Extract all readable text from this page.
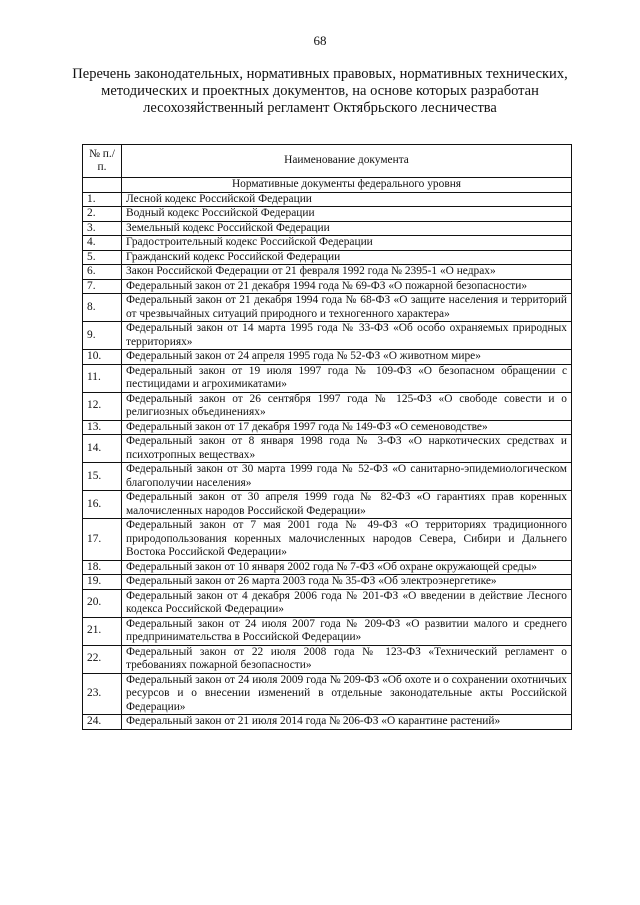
68
Перечень законодательных, нормативных правовых, нормативных технических, методических и проектных документов, на основе которых разработан лесохозяйственный регламент Октябрьского лесничества
№ п./п.	Наименование документа
	Нормативные документы федерального уровня
1.	Лесной кодекс Российской Федерации
2.	Водный кодекс Российской Федерации
3.	Земельный кодекс Российской Федерации
4.	Градостроительный кодекс Российской Федерации
5.	Гражданский кодекс Российской Федерации
6.	Закон Российской Федерации от 21 февраля 1992 года № 2395-1 «О недрах»
7.	Федеральный закон от 21 декабря 1994 года № 69-ФЗ «О пожарной безопасности»
8.	Федеральный закон от 21 декабря 1994 года № 68-ФЗ «О защите населения и территорий от чрезвычайных ситуаций природного и техногенного характера»
9.	Федеральный закон от 14 марта 1995 года № 33-ФЗ «Об особо охраняемых природных территориях»
10.	Федеральный закон от 24 апреля 1995 года № 52-ФЗ «О животном мире»
11.	Федеральный закон от 19 июля 1997 года № 109-ФЗ «О безопасном обращении с пестицидами и агрохимикатами»
12.	Федеральный закон от 26 сентября 1997 года № 125-ФЗ «О свободе совести и о религиозных объединениях»
13.	Федеральный закон от 17 декабря 1997 года № 149-ФЗ «О семеноводстве»
14.	Федеральный закон от 8 января 1998 года № 3-ФЗ «О наркотических средствах и психотропных веществах»
15.	Федеральный закон от 30 марта 1999 года № 52-ФЗ «О санитарно-эпидемиологическом благополучии населения»
16.	Федеральный закон от 30 апреля 1999 года № 82-ФЗ «О гарантиях прав коренных малочисленных народов Российской Федерации»
17.	Федеральный закон от 7 мая 2001 года № 49-ФЗ «О территориях традиционного природопользования коренных малочисленных народов Севера, Сибири и Дальнего Востока Российской Федерации»
18.	Федеральный закон от 10 января 2002 года № 7-ФЗ «Об охране окружающей среды»
19.	Федеральный закон от 26 марта 2003 года № 35-ФЗ «Об электроэнергетике»
20.	Федеральный закон от 4 декабря 2006 года № 201-ФЗ «О введении в действие Лесного кодекса Российской Федерации»
21.	Федеральный закон от 24 июля 2007 года № 209-ФЗ «О развитии малого и среднего предпринимательства в Российской Федерации»
22.	Федеральный закон от 22 июля 2008 года № 123-ФЗ «Технический регламент о требованиях пожарной безопасности»
23.	Федеральный закон от 24 июля 2009 года № 209-ФЗ «Об охоте и о сохранении охотничьих ресурсов и о внесении изменений в отдельные законодательные акты Российской Федерации»
24.	Федеральный закон от 21 июля 2014 года № 206-ФЗ «О карантине растений»
